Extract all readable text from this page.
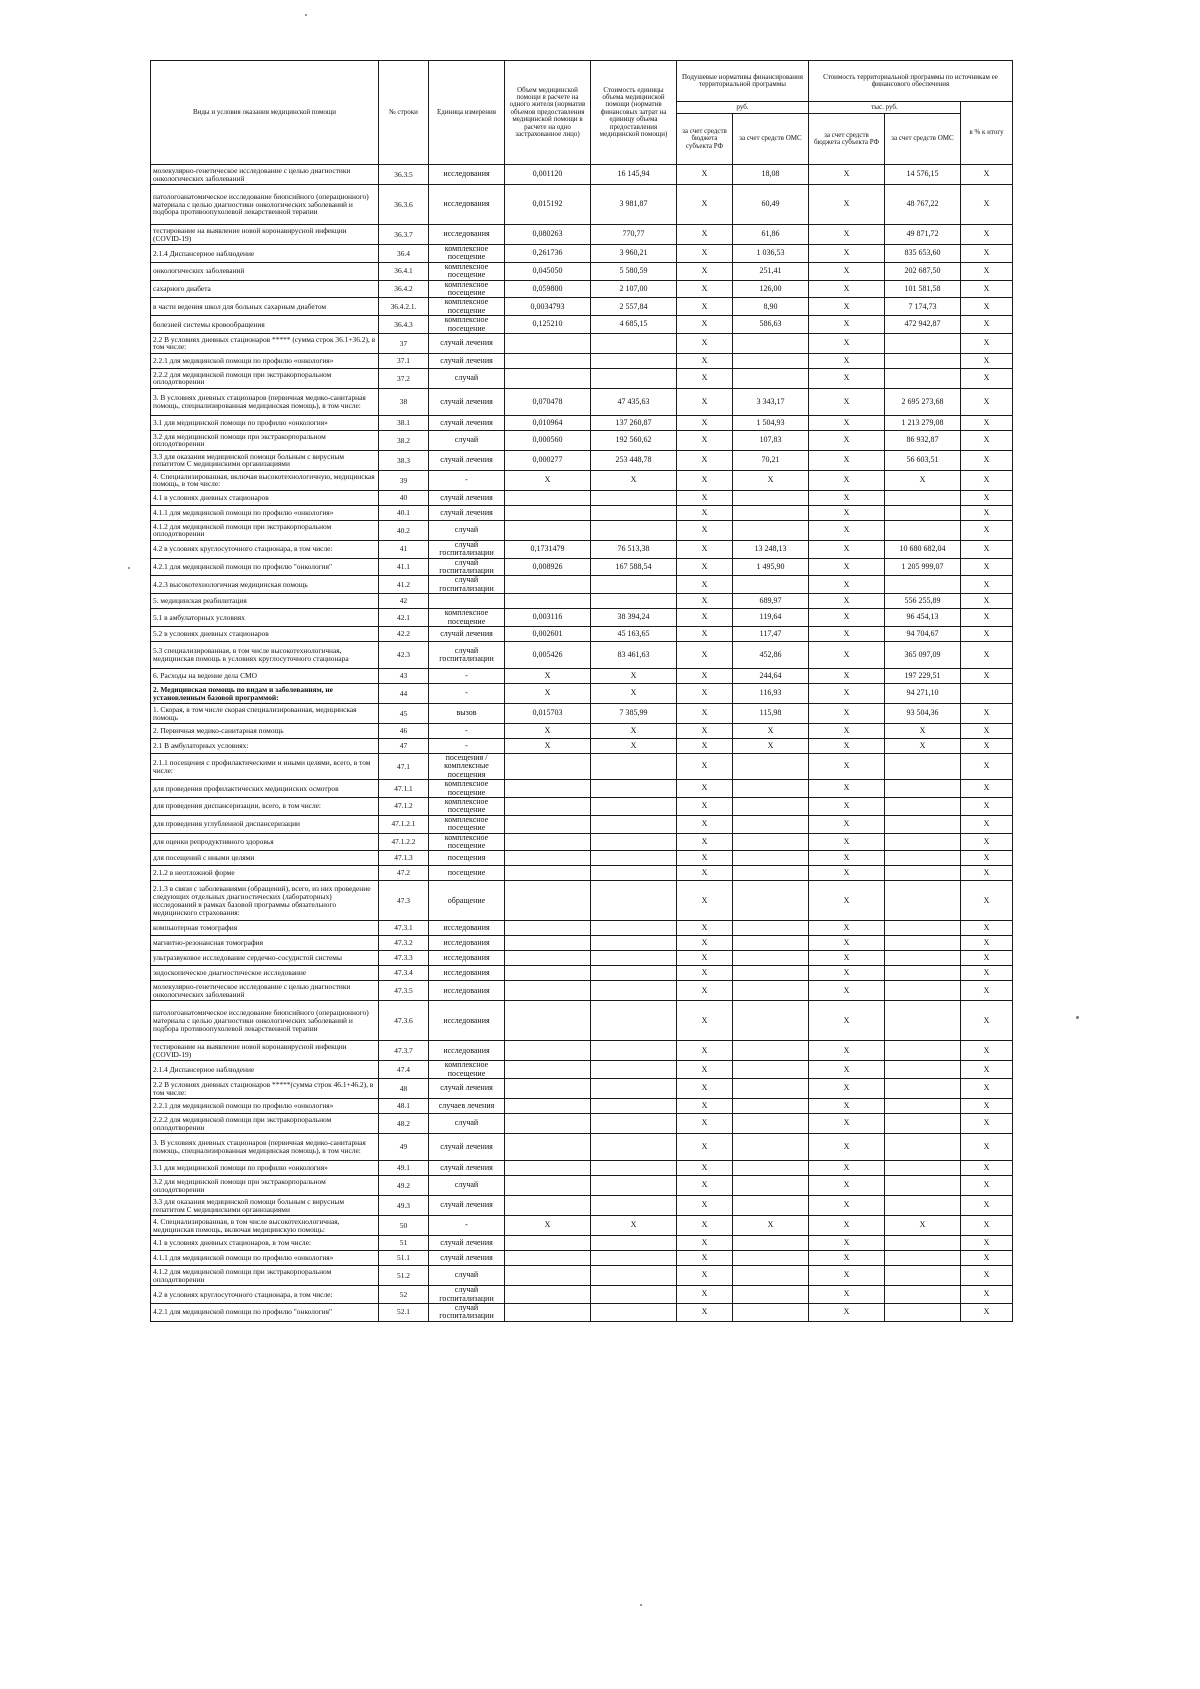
Виды и условия оказания медицинской помощи	№ строки	Единица измерения	Объем медицинской помощи в расчете на одного жителя (норматив объемов предоставления медицинской помощи в расчете на одно застрахованное лицо)	Стоимость единицы объема медицинской помощи (норматив финансовых затрат на единицу объема предоставления медицинской помощи)	Подушевые нормативы финансирования территориальной программы		Стоимость территориальной программы по источникам ее финансового обеспечения		
					руб.		тыс. руб.		в % к итогу
					за счет средств бюджета субъекта РФ	за счет средств ОМС	за счет средств бюджета субъекта РФ	за счет средств ОМС	
молекулярно-генетическое исследование с целью диагностики онкологических заболеваний	36.3.5	исследования	0,001120	16 145,94	X	18,08	X	14 576,15	X
патологоанатомическое исследование биопсийного (операционного) материала с целью диагностики онкологических заболеваний и подбора противоопухолевой лекарственной терапии	36.3.6	исследования	0,015192	3 981,87	X	60,49	X	48 767,22	X
тестирование на выявление новой коронавирусной инфекции (COVID-19)	36.3.7	исследования	0,080263	770,77	X	61,86	X	49 871,72	X
2.1.4 Диспансерное наблюдение	36.4	комплексное посещение	0,261736	3 960,21	X	1 036,53	X	835 653,60	X
онкологических заболеваний	36.4.1	комплексное посещение	0,045050	5 580,59	X	251,41	X	202 687,50	X
сахарного диабета	36.4.2	комплексное посещение	0,059800	2 107,00	X	126,00	X	101 581,58	X
в части ведения школ для больных сахарным диабетом	36.4.2.1.	комплексное посещение	0,0034793	2 557,84	X	8,90	X	7 174,73	X
болезней системы кровообращения	36.4.3	комплексное посещение	0,125210	4 685,15	X	586,63	X	472 942,87	X
2.2 В условиях дневных стационаров ***** (сумма строк 36.1+36.2), в том числе:	37	случай лечения			X		X		X
2.2.1 для медицинской помощи по профилю «онкология»	37.1	случай лечения			X		X		X
2.2.2 для медицинской помощи при экстракорпоральном оплодотворении	37.2	случай			X		X		X
3. В условиях дневных стационаров (первичная медико-санитарная помощь, специализированная медицинская помощь), в том числе:	38	случай лечения	0,070478	47 435,63	X	3 343,17	X	2 695 273,68	X
3.1 для медицинской помощи по профилю «онкология»	38.1	случай лечения	0,010964	137 260,87	X	1 504,93	X	1 213 279,08	X
3.2 для медицинской помощи при экстракорпоральном оплодотворении	38.2	случай	0,000560	192 560,62	X	107,83	X	86 932,87	X
3.3 для оказания медицинской помощи больным с вирусным гепатитом С медицинскими организациями	38.3	случай лечения	0,000277	253 448,78	X	70,21	X	56 603,51	X
4. Специализированная, включая высокотехнологичную, медицинская помощь, в том числе:	39	-	X	X	X	X	X	X	X
4.1 в условиях дневных стационаров	40	случай лечения			X		X		X
4.1.1 для медицинской помощи по профилю «онкология»	40.1	случай лечения			X		X		X
4.1.2 для медицинской помощи при экстракорпоральном оплодотворении	40.2	случай			X		X		X
4.2 в условиях круглосуточного стационара, в том числе:	41	случай госпитализации	0,1731479	76 513,38	X	13 248,13	X	10 680 682,04	X
4.2.1 для медицинской помощи по профилю "онкология"	41.1	случай госпитализации	0,008926	167 588,54	X	1 495,90	X	1 205 999,07	X
4.2.3 высокотехнологичная медицинская помощь	41.2	случай госпитализации			X		X		X
5. медицинская реабилитация	42				X	689,97	X	556 255,89	X
5.1 в амбулаторных условиях	42.1	комплексное посещение	0,003116	38 394,24	X	119,64	X	96 454,13	X
5.2 в условиях дневных стационаров	42.2	случай лечения	0,002601	45 163,65	X	117,47	X	94 704,67	X
5.3 специализированная, в том числе высокотехнологичная, медицинская помощь в условиях круглосуточного стационара	42.3	случай госпитализации	0,005426	83 461,63	X	452,86	X	365 097,09	X
6. Расходы на ведение дела СМО	43	-	X	X	X	244,64	X	197 229,51	X
2. Медицинская помощь по видам и заболеваниям, не установленным базовой программой:	44	-	X	X	X	116,93	X	94 271,10	
1. Скорая, в том числе скорая специализированная, медицинская помощь	45	вызов	0,015703	7 385,99	X	115,98	X	93 504,36	X
2. Первичная медико-санитарная помощь	46	-	X	X	X	X	X	X	X
2.1 В амбулаторных условиях:	47	-	X	X	X	X	X	X	X
2.1.1 посещения с профилактическими и иными целями, всего, в том числе:	47.1	посещения / комплексные посещения			X		X		X
для проведения профилактических медицинских осмотров	47.1.1	комплексное посещение			X		X		X
для проведения диспансеризации, всего, в том числе:	47.1.2	комплексное посещение			X		X		X
для проведения углубленной диспансеризации	47.1.2.1	комплексное посещение			X		X		X
для оценки репродуктивного здоровья	47.1.2.2	комплексное посещение			X		X		X
для посещений с иными целями	47.1.3	посещения			X		X		X
2.1.2 в неотложной форме	47.2	посещение			X		X		X
2.1.3 в связи с заболеваниями (обращений), всего, из них проведение следующих отдельных диагностических (лабораторных) исследований в рамках базовой программы обязательного медицинского страхования:	47.3	обращение			X		X		X
компьютерная томография	47.3.1	исследования			X		X		X
магнитно-резонансная томография	47.3.2	исследования			X		X		X
ультразвуковое исследование сердечно-сосудистой системы	47.3.3	исследования			X		X		X
эндоскопическое диагностическое исследование	47.3.4	исследования			X		X		X
молекулярно-генетическое исследование с целью диагностики онкологических заболеваний	47.3.5	исследования			X		X		X
патологоанатомическое исследование биопсийного (операционного) материала с целью диагностики онкологических заболеваний и подбора противоопухолевой лекарственной терапии	47.3.6	исследования			X		X		X
тестирование на выявление новой коронавирусной инфекции (COVID-19)	47.3.7	исследования			X		X		X
2.1.4 Диспансерное наблюдение	47.4	комплексное посещение			X		X		X
2.2 В условиях дневных стационаров *****(сумма строк 46.1+46.2), в том числе:	48	случай лечения			X		X		X
2.2.1 для медицинской помощи по профилю «онкология»	48.1	случаев лечения			X		X		X
2.2.2 для медицинской помощи при экстракорпоральном оплодотворении	48.2	случай			X		X		X
3. В условиях дневных стационаров (первичная медико-санитарная помощь, специализированная медицинская помощь), в том числе:	49	случай лечения			X		X		X
3.1 для медицинской помощи по профилю «онкология»	49.1	случай лечения			X		X		X
3.2 для медицинской помощи при экстракорпоральном оплодотворении	49.2	случай			X		X		X
3.3 для оказания медицинской помощи больным с вирусным гепатитом С медицинскими организациями	49.3	случай лечения			X		X		X
4. Специализированная, в том числе высокотехнологичная, медицинская помощь, включая медицинскую помощь:	50	-	X	X	X	X	X	X	X
4.1 в условиях дневных стационаров, в том числе:	51	случай лечения			X		X		X
4.1.1 для медицинской помощи по профилю «онкология»	51.1	случай лечения			X		X		X
4.1.2 для медицинской помощи при экстракорпоральном оплодотворении	51.2	случай			X		X		X
4.2 в условиях круглосуточного стационара, в том числе:	52	случай госпитализации			X		X		X
4.2.1 для медицинской помощи по профилю "онкология"	52.1	случай госпитализации			X		X		X
